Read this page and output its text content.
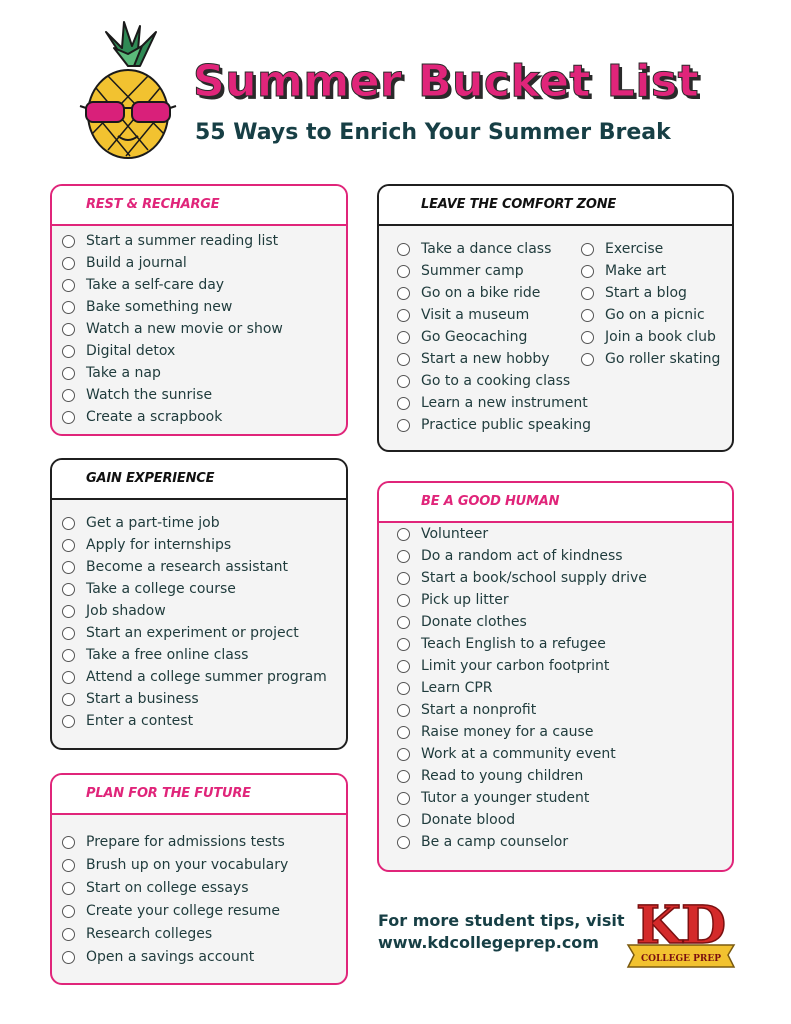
Summer Bucket List
55 Ways to Enrich Your Summer Break
REST & RECHARGE
Start a summer reading list
Build a journal
Take a self-care day
Bake something new
Watch a new movie or show
Digital detox
Take a nap
Watch the sunrise
Create a scrapbook
LEAVE THE COMFORT ZONE
Take a dance class
Summer camp
Go on a bike ride
Visit a museum
Go Geocaching
Start a new hobby
Go to a cooking class
Learn a new instrument
Practice public speaking
Exercise
Make art
Start a blog
Go on a picnic
Join a book club
Go roller skating
GAIN EXPERIENCE
Get a part-time job
Apply for internships
Become a research assistant
Take a college course
Job shadow
Start an experiment or project
Take a free online class
Attend a college summer program
Start a business
Enter a contest
BE A GOOD HUMAN
Volunteer
Do a random act of kindness
Start a book/school supply drive
Pick up litter
Donate clothes
Teach English to a refugee
Limit your carbon footprint
Learn CPR
Start a nonprofit
Raise money for a cause
Work at a community event
Read to young children
Tutor a younger student
Donate blood
Be a camp counselor
PLAN FOR THE FUTURE
Prepare for admissions tests
Brush up on your vocabulary
Start on college essays
Create your college resume
Research colleges
Open a savings account
For more student tips, visit
www.kdcollegeprep.com KD
COLLEGE PREP
